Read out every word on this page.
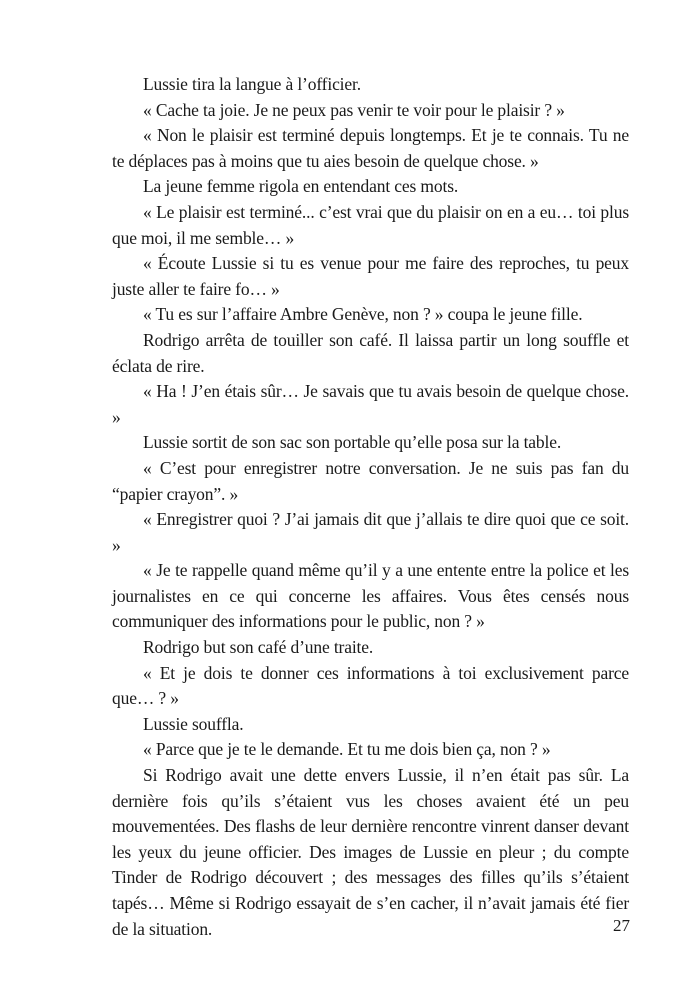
Lussie tira la langue à l’officier.

« Cache ta joie. Je ne peux pas venir te voir pour le plaisir ? »

« Non le plaisir est terminé depuis longtemps. Et je te connais. Tu ne te déplaces pas à moins que tu aies besoin de quelque chose. »

La jeune femme rigola en entendant ces mots.

« Le plaisir est terminé... c’est vrai que du plaisir on en a eu… toi plus que moi, il me semble… »

« Écoute Lussie si tu es venue pour me faire des reproches, tu peux juste aller te faire fo… »

« Tu es sur l’affaire Ambre Genève, non ? » coupa le jeune fille.

Rodrigo arrêta de touiller son café. Il laissa partir un long souffle et éclata de rire.

« Ha ! J’en étais sûr… Je savais que tu avais besoin de quelque chose. »

Lussie sortit de son sac son portable qu’elle posa sur la table.

« C’est pour enregistrer notre conversation. Je ne suis pas fan du “papier crayon”. »

« Enregistrer quoi ? J’ai jamais dit que j’allais te dire quoi que ce soit. »

« Je te rappelle quand même qu’il y a une entente entre la police et les journalistes en ce qui concerne les affaires. Vous êtes censés nous communiquer des informations pour le public, non ? »

Rodrigo but son café d’une traite.

« Et je dois te donner ces informations à toi exclusivement parce que… ? »

Lussie souffla.

« Parce que je te le demande. Et tu me dois bien ça, non ? »

Si Rodrigo avait une dette envers Lussie, il n’en était pas sûr. La dernière fois qu’ils s’étaient vus les choses avaient été un peu mouvementées. Des flashs de leur dernière rencontre vinrent danser devant les yeux du jeune officier. Des images de Lussie en pleur ; du compte Tinder de Rodrigo découvert ; des messages des filles qu’ils s’étaient tapés… Même si Rodrigo essayait de s’en cacher, il n’avait jamais été fier de la situation.	27
